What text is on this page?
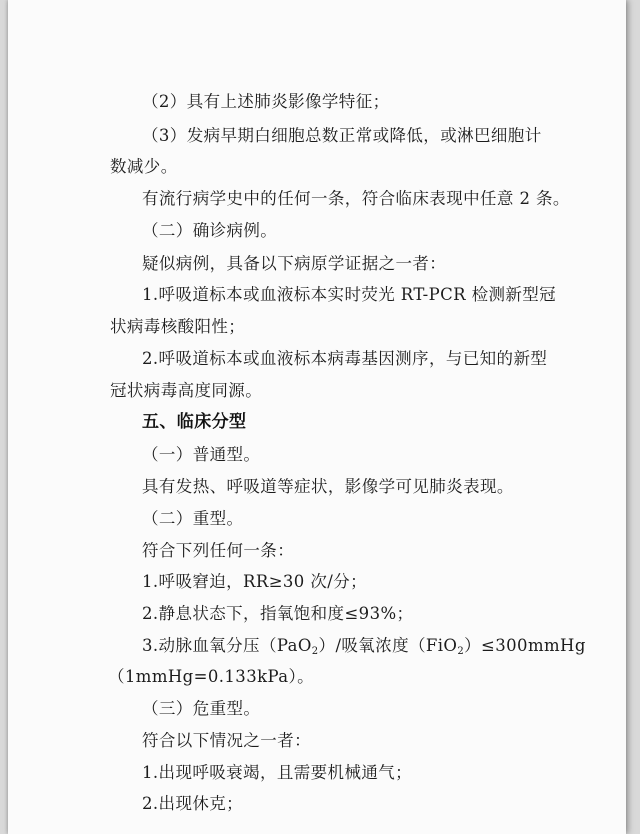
（2）具有上述肺炎影像学特征；

（3）发病早期白细胞总数正常或降低，或淋巴细胞计

数减少。

有流行病学史中的任何一条，符合临床表现中任意 2 条。

（二）确诊病例。

疑似病例，具备以下病原学证据之一者：

1.呼吸道标本或血液标本实时荧光 RT-PCR 检测新型冠

状病毒核酸阳性；

2.呼吸道标本或血液标本病毒基因测序，与已知的新型

冠状病毒高度同源。

五、临床分型

（一）普通型。

具有发热、呼吸道等症状，影像学可见肺炎表现。

（二）重型。

符合下列任何一条：

1.呼吸窘迫，RR≥30 次/分；

2.静息状态下，指氧饱和度≤93%；

3.动脉血氧分压（PaO$_2$）/吸氧浓度（FiO$_2$）≤300mmHg

（1mmHg=0.133kPa）。

（三）危重型。

符合以下情况之一者：

1.出现呼吸衰竭，且需要机械通气；

2.出现休克；
